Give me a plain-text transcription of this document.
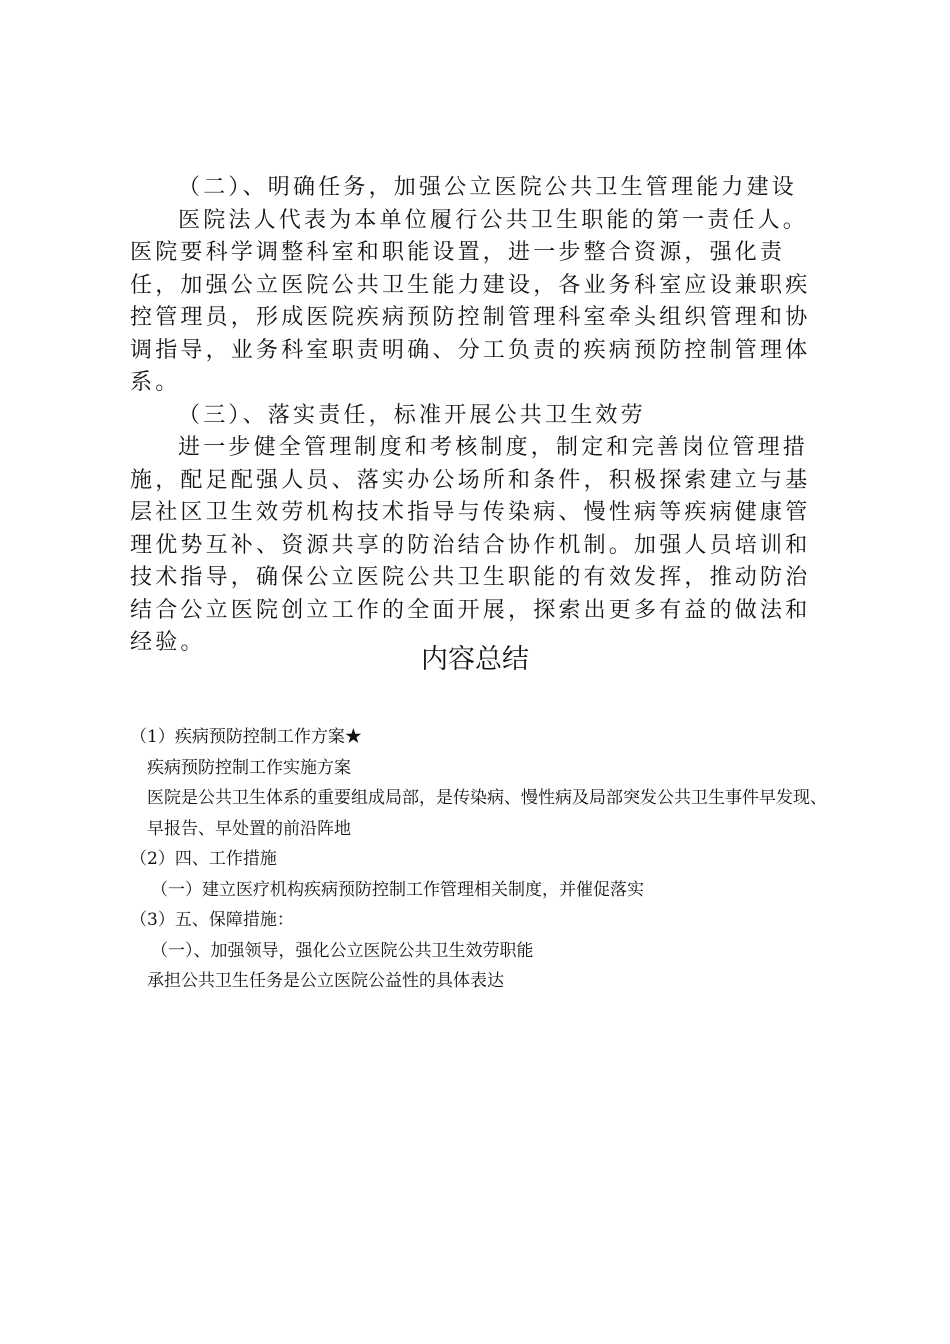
（二）、明确任务，加强公立医院公共卫生管理能力建设

医院法人代表为本单位履行公共卫生职能的第一责任人。医院要科学调整科室和职能设置，进一步整合资源，强化责任，加强公立医院公共卫生能力建设，各业务科室应设兼职疾控管理员，形成医院疾病预防控制管理科室牵头组织管理和协调指导，业务科室职责明确、分工负责的疾病预防控制管理体系。

（三）、落实责任，标准开展公共卫生效劳

进一步健全管理制度和考核制度，制定和完善岗位管理措施，配足配强人员、落实办公场所和条件，积极探索建立与基层社区卫生效劳机构技术指导与传染病、慢性病等疾病健康管理优势互补、资源共享的防治结合协作机制。加强人员培训和技术指导，确保公立医院公共卫生职能的有效发挥，推动防治结合公立医院创立工作的全面开展，探索出更多有益的做法和经验。

内容总结

（1）疾病预防控制工作方案★

疾病预防控制工作实施方案

医院是公共卫生体系的重要组成局部，是传染病、慢性病及局部突发公共卫生事件早发现、早报告、早处置的前沿阵地

（2）四、工作措施

（一）建立医疗机构疾病预防控制工作管理相关制度，并催促落实

（3）五、保障措施：

（一）、加强领导，强化公立医院公共卫生效劳职能

承担公共卫生任务是公立医院公益性的具体表达
